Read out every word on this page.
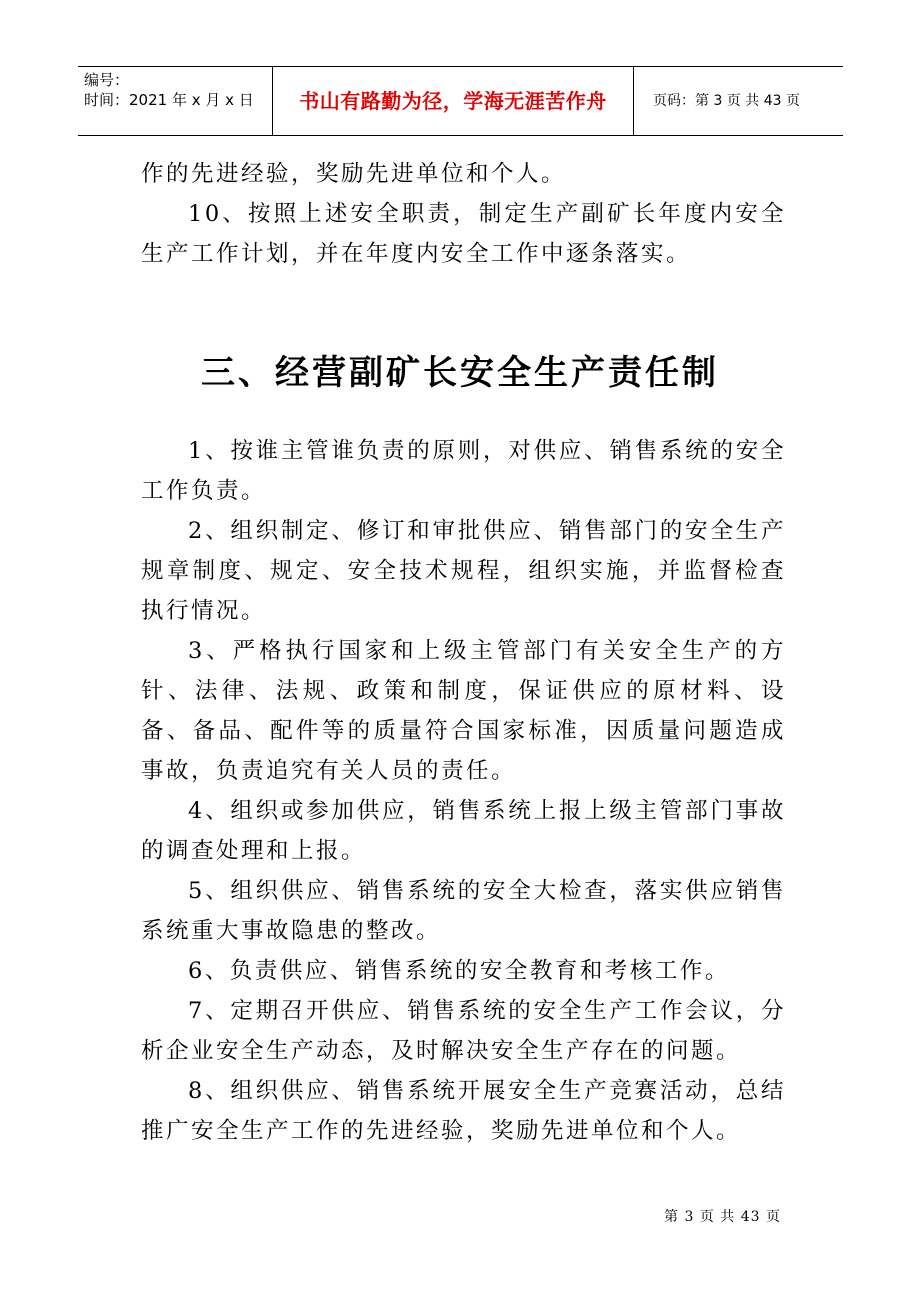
编号：
时间：2021 年 x 月 x 日	书山有路勤为径，学海无涯苦作舟	页码：第 3 页 共 43 页

作的先进经验，奖励先进单位和个人。

10、按照上述安全职责，制定生产副矿长年度内安全生产工作计划，并在年度内安全工作中逐条落实。

三、经营副矿长安全生产责任制

1、按谁主管谁负责的原则，对供应、销售系统的安全工作负责。

2、组织制定、修订和审批供应、销售部门的安全生产规章制度、规定、安全技术规程，组织实施，并监督检查执行情况。

3、严格执行国家和上级主管部门有关安全生产的方针、法律、法规、政策和制度，保证供应的原材料、设备、备品、配件等的质量符合国家标准，因质量问题造成事故，负责追究有关人员的责任。

4、组织或参加供应，销售系统上报上级主管部门事故的调查处理和上报。

5、组织供应、销售系统的安全大检查，落实供应销售系统重大事故隐患的整改。

6、负责供应、销售系统的安全教育和考核工作。

7、定期召开供应、销售系统的安全生产工作会议，分析企业安全生产动态，及时解决安全生产存在的问题。

8、组织供应、销售系统开展安全生产竞赛活动，总结推广安全生产工作的先进经验，奖励先进单位和个人。

第 3 页 共 43 页
